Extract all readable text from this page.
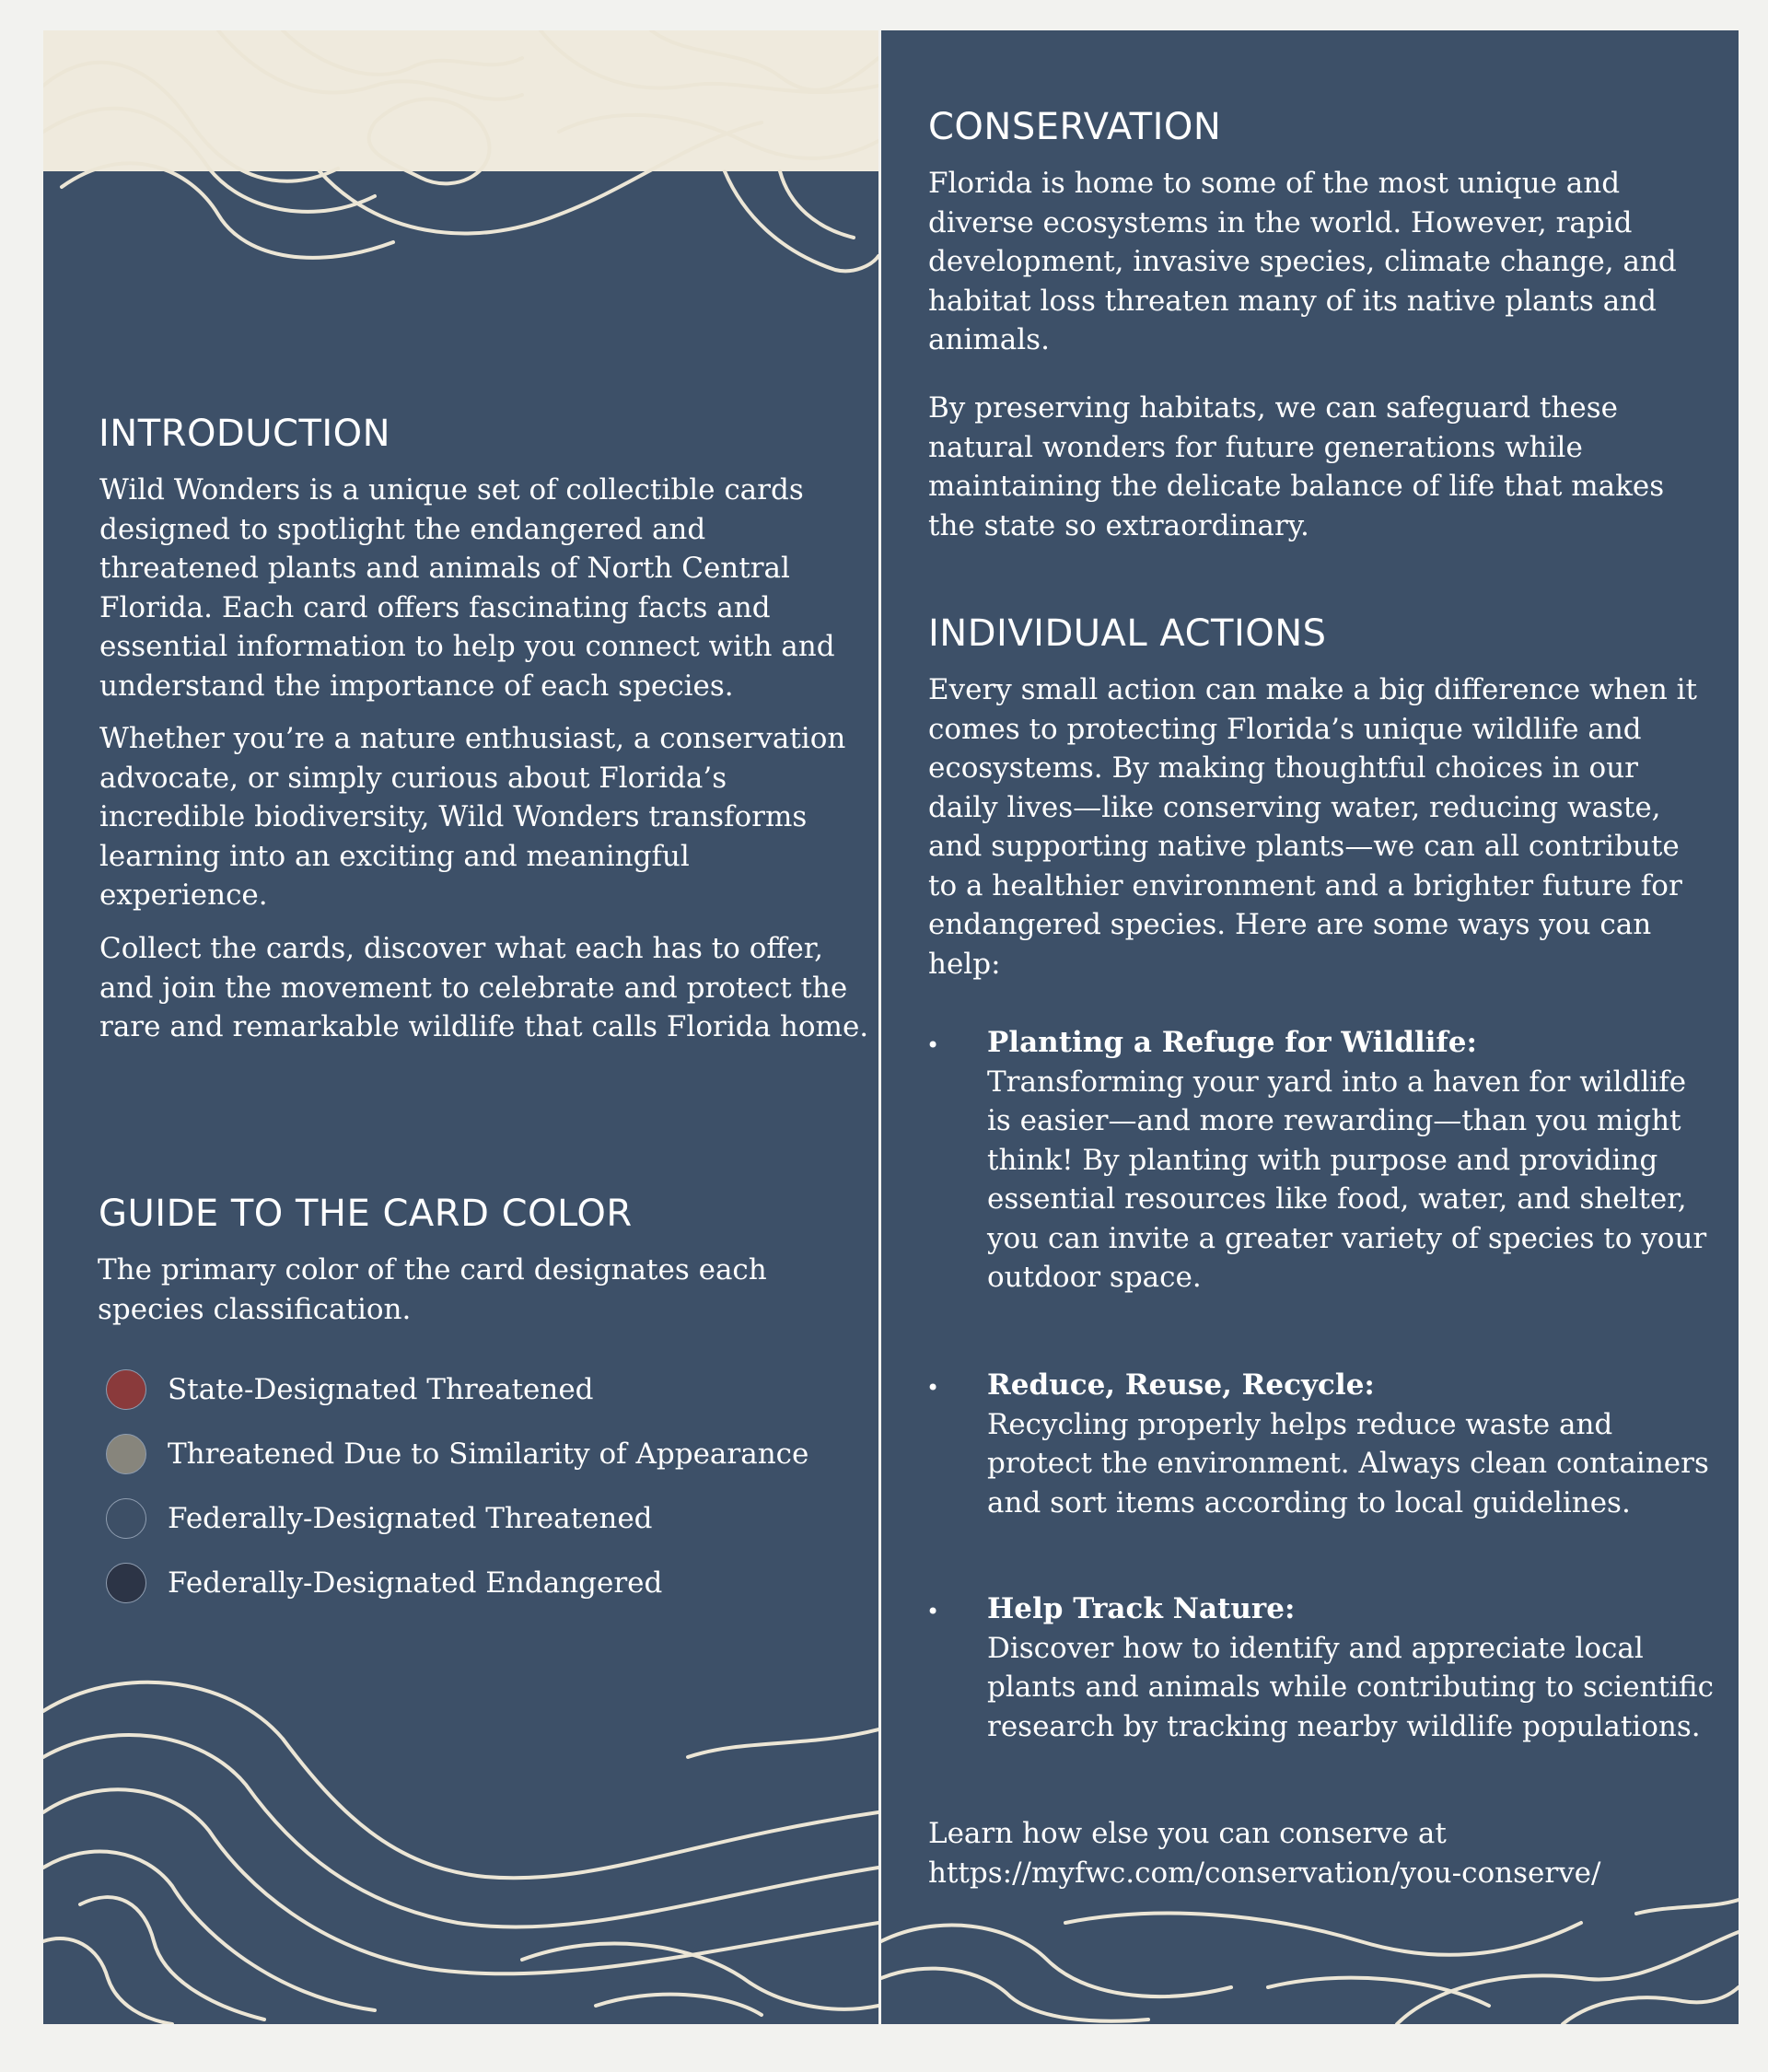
INTRODUCTION

Wild Wonders is a unique set of collectible cards designed to spotlight the endangered and threatened plants and animals of North Central Florida. Each card offers fascinating facts and essential information to help you connect with and understand the importance of each species.

Whether you’re a nature enthusiast, a conservation advocate, or simply curious about Florida’s incredible biodiversity, Wild Wonders transforms learning into an exciting and meaningful experience.

Collect the cards, discover what each has to offer, and join the movement to celebrate and protect the rare and remarkable wildlife that calls Florida home.

GUIDE TO THE CARD COLOR

The primary color of the card designates each species classification.

State-Designated Threatened
Threatened Due to Similarity of Appearance
Federally-Designated Threatened
Federally-Designated Endangered
CONSERVATION

Florida is home to some of the most unique and diverse ecosystems in the world. However, rapid development, invasive species, climate change, and habitat loss threaten many of its native plants and animals.

By preserving habitats, we can safeguard these natural wonders for future generations while maintaining the delicate balance of life that makes the state so extraordinary.

INDIVIDUAL ACTIONS

Every small action can make a big difference when it comes to protecting Florida’s unique wildlife and ecosystems. By making thoughtful choices in our daily lives—like conserving water, reducing waste, and supporting native plants—we can all contribute to a healthier environment and a brighter future for endangered species. Here are some ways you can help:

• Planting a Refuge for Wildlife:
Transforming your yard into a haven for wildlife is easier—and more rewarding—than you might think! By planting with purpose and providing essential resources like food, water, and shelter, you can invite a greater variety of species to your outdoor space.

• Reduce, Reuse, Recycle:
Recycling properly helps reduce waste and protect the environment. Always clean containers and sort items according to local guidelines.

• Help Track Nature:
Discover how to identify and appreciate local plants and animals while contributing to scientific research by tracking nearby wildlife populations.

Learn how else you can conserve at https://myfwc.com/conservation/you-conserve/
